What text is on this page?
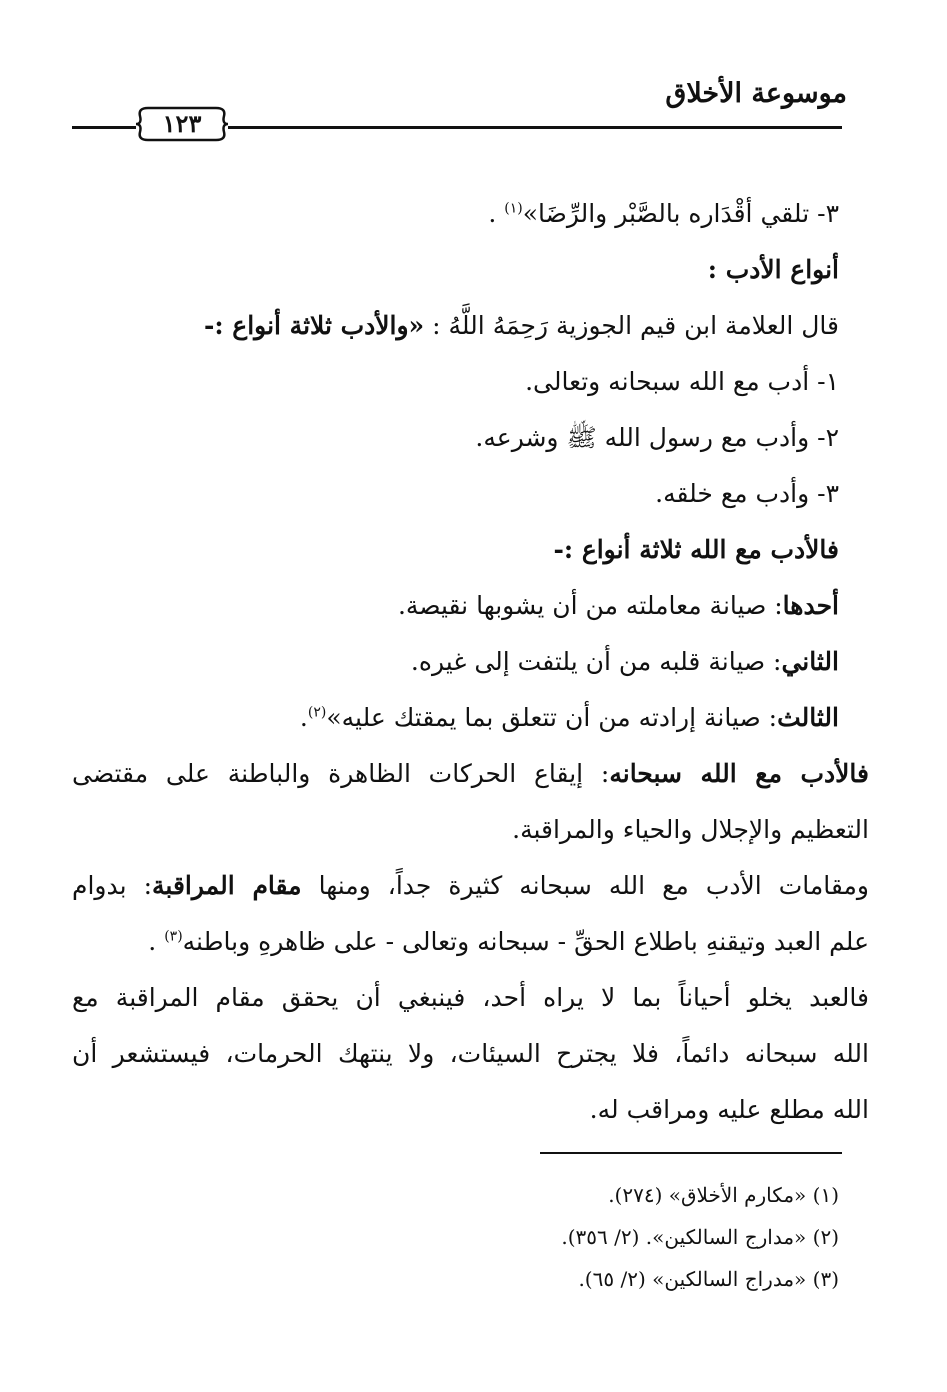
موسوعة الأخلاق
١٢٣
٣- تلقي أقْدَاره بالصَّبْر والرِّضَا»$^{(١)}$ .
أنواع الأدب :
قال العلامة ابن قيم الجوزية رَحِمَهُ اللَّهُ : «والأدب ثلاثة أنواع :-
١- أدب مع الله سبحانه وتعالى.
٢- وأدب مع رسول الله ﷺ وشرعه.
٣- وأدب مع خلقه.
فالأدب مع الله ثلاثة أنواع :-
أحدها: صيانة معاملته من أن يشوبها نقيصة.
الثاني: صيانة قلبه من أن يلتفت إلى غيره.
الثالث: صيانة إرادته من أن تتعلق بما يمقتك عليه»$^{(٢)}$.
فالأدب مع الله سبحانه: إيقاع الحركات الظاهرة والباطنة على مقتضى
التعظيم والإجلال والحياء والمراقبة.
ومقامات الأدب مع الله سبحانه كثيرة جداً، ومنها مقام المراقبة: بدوام
علم العبد وتيقنهِ باطلاع الحقِّ - سبحانه وتعالى - على ظاهرهِ وباطنه$^{(٣)}$ .
فالعبد يخلو أحياناً بما لا يراه أحد، فينبغي أن يحقق مقام المراقبة مع
الله سبحانه دائماً، فلا يجترح السيئات، ولا ينتهك الحرمات، فيستشعر أن
الله مطلع عليه ومراقب له.
(١) «مكارم الأخلاق» (٢٧٤).
(٢) «مدارج السالكين». (٢/ ٣٥٦).
(٣) «مدراج السالكين» (٢/ ٦٥).
